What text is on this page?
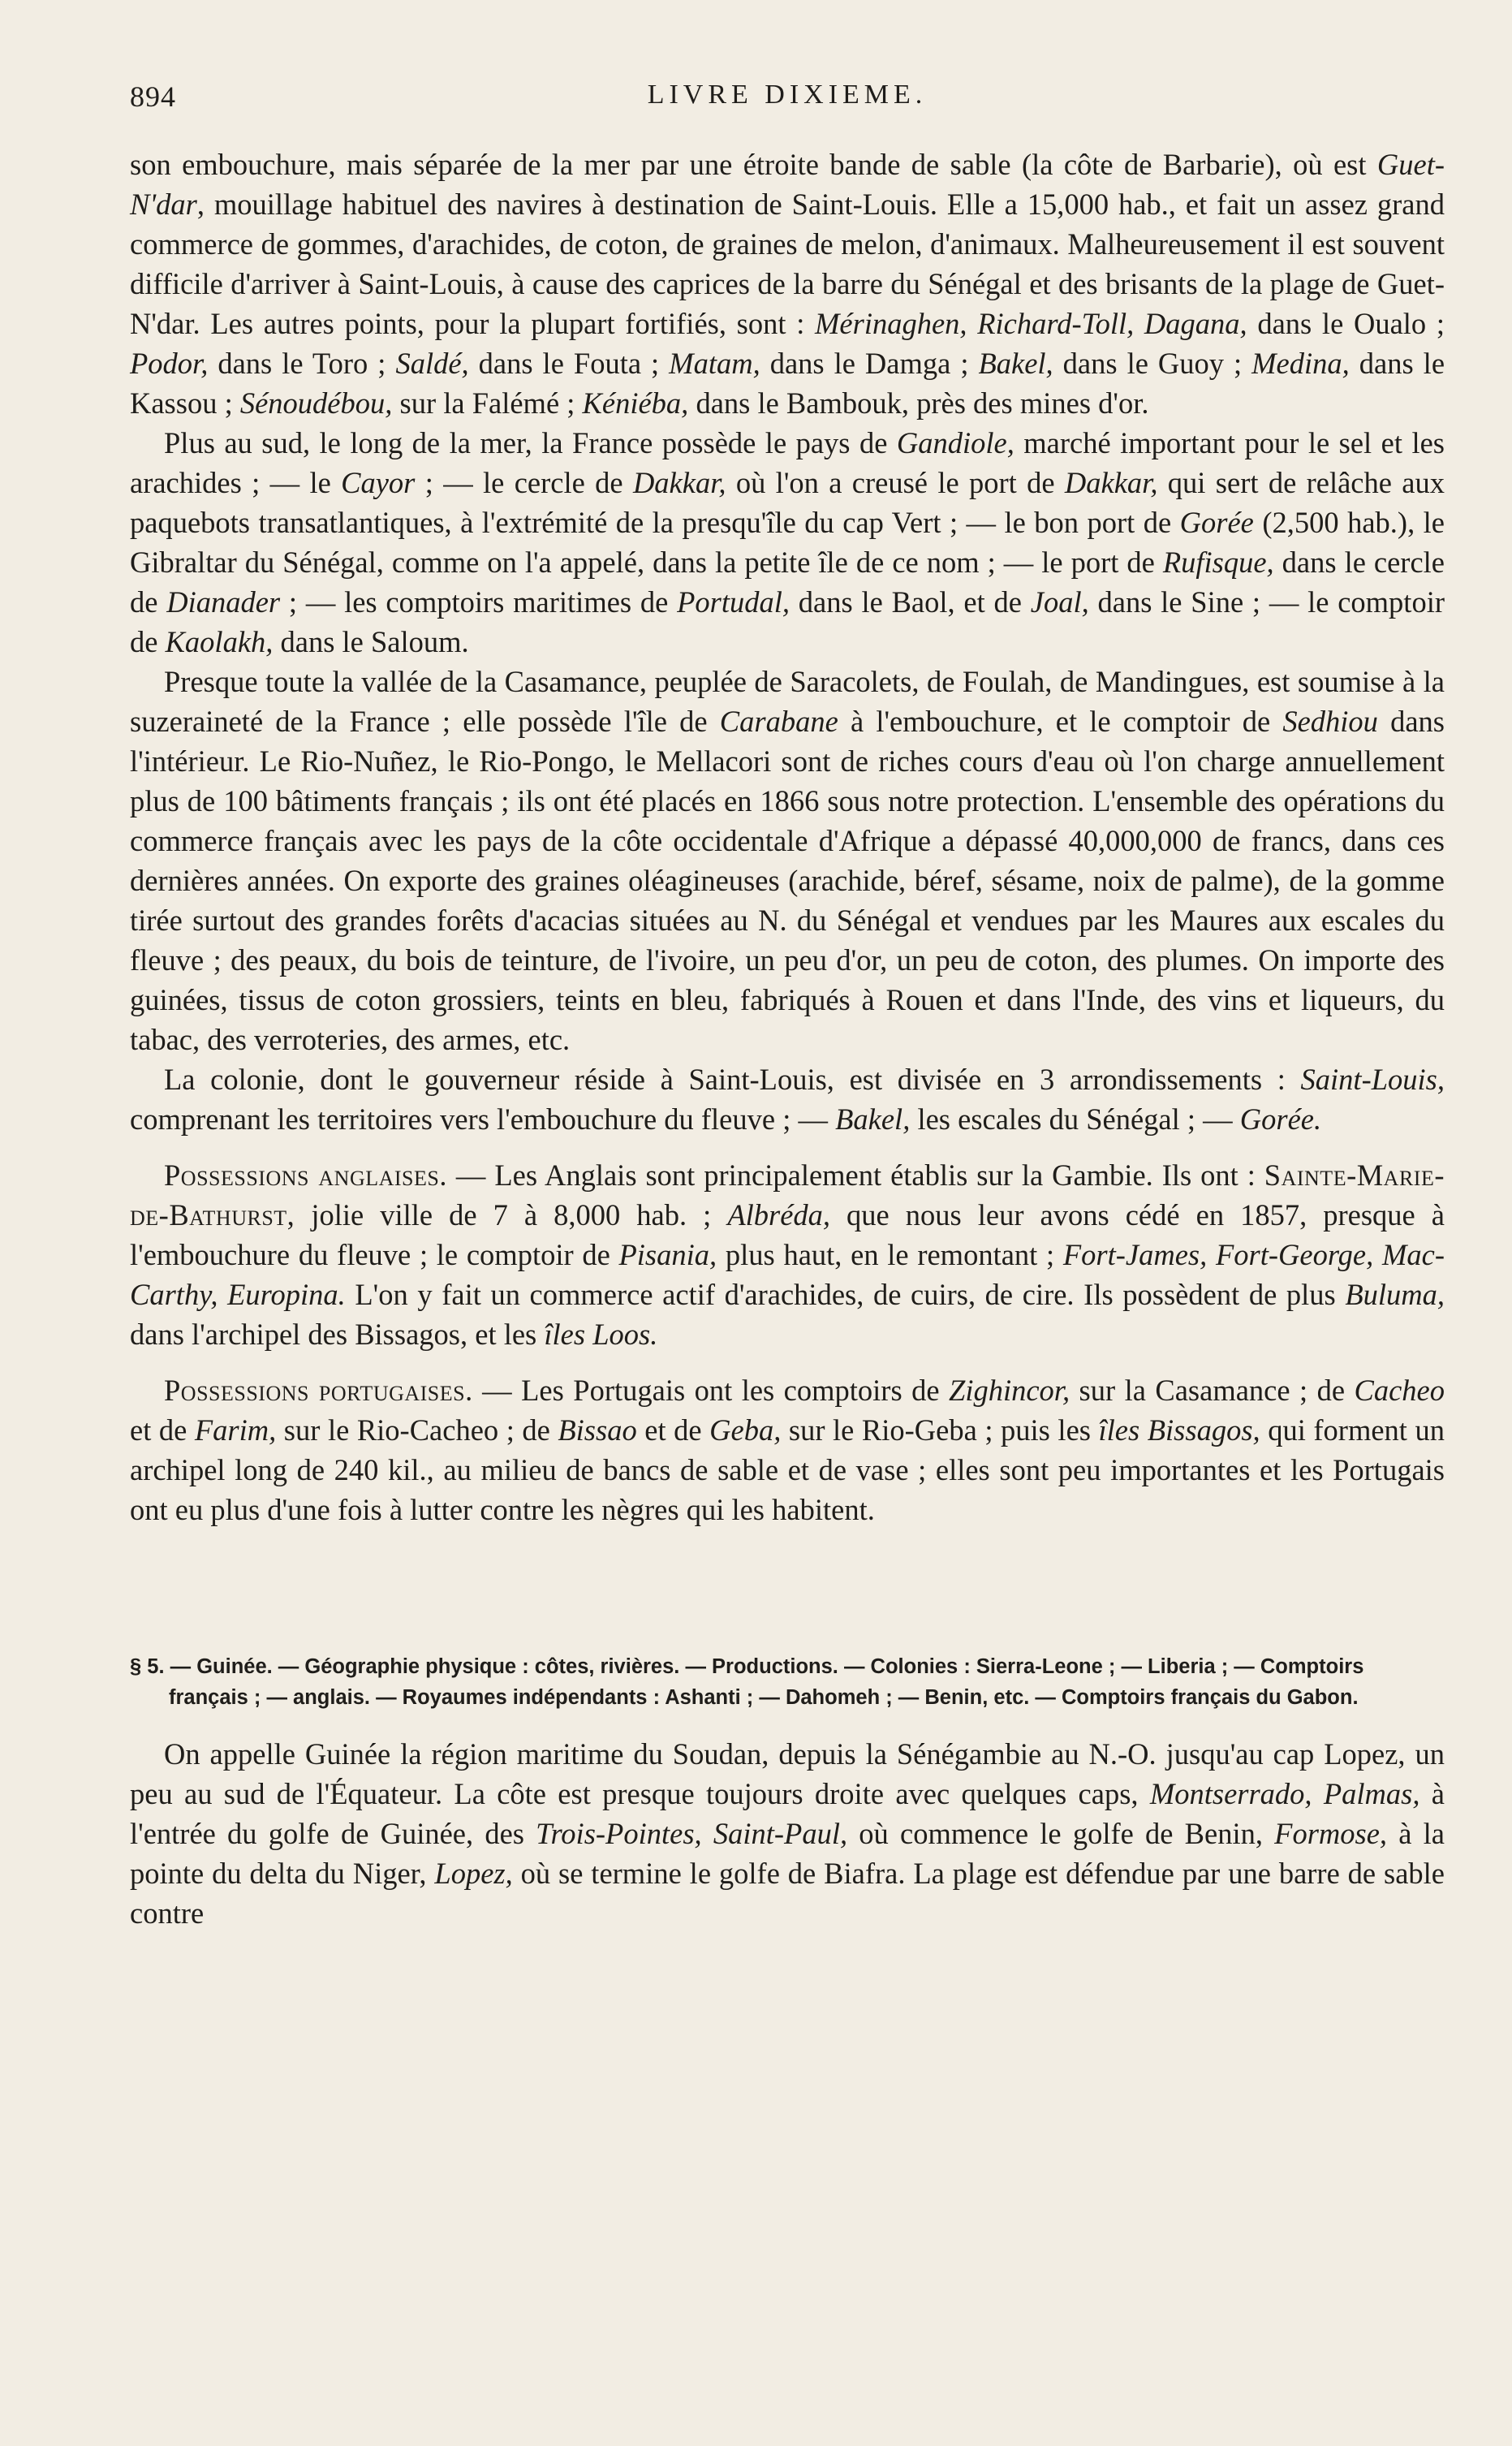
894	LIVRE DIXIEME.

son embouchure, mais séparée de la mer par une étroite bande de sable (la côte de Barbarie), où est Guet-N'dar, mouillage habituel des navires à destination de Saint-Louis. Elle a 15,000 hab., et fait un assez grand commerce de gommes, d'arachides, de coton, de graines de melon, d'animaux. Malheureusement il est souvent difficile d'arriver à Saint-Louis, à cause des caprices de la barre du Sénégal et des brisants de la plage de Guet-N'dar. Les autres points, pour la plupart fortifiés, sont : Mérinaghen, Richard-Toll, Dagana, dans le Oualo ; Podor, dans le Toro ; Saldé, dans le Fouta ; Matam, dans le Damga ; Bakel, dans le Guoy ; Medina, dans le Kassou ; Sénoudébou, sur la Falémé ; Kéniéba, dans le Bambouk, près des mines d'or.

Plus au sud, le long de la mer, la France possède le pays de Gandiole, marché important pour le sel et les arachides ; — le Cayor ; — le cercle de Dakkar, où l'on a creusé le port de Dakkar, qui sert de relâche aux paquebots transatlantiques, à l'extrémité de la presqu'île du cap Vert ; — le bon port de Gorée (2,500 hab.), le Gibraltar du Sénégal, comme on l'a appelé, dans la petite île de ce nom ; — le port de Rufisque, dans le cercle de Dianader ; — les comptoirs maritimes de Portudal, dans le Baol, et de Joal, dans le Sine ; — le comptoir de Kaolakh, dans le Saloum.

Presque toute la vallée de la Casamance, peuplée de Saracolets, de Foulah, de Mandingues, est soumise à la suzeraineté de la France ; elle possède l'île de Carabane à l'embouchure, et le comptoir de Sedhiou dans l'intérieur. Le Rio-Nuñez, le Rio-Pongo, le Mellacori sont de riches cours d'eau où l'on charge annuellement plus de 100 bâtiments français ; ils ont été placés en 1866 sous notre protection. L'ensemble des opérations du commerce français avec les pays de la côte occidentale d'Afrique a dépassé 40,000,000 de francs, dans ces dernières années. On exporte des graines oléagineuses (arachide, béref, sésame, noix de palme), de la gomme tirée surtout des grandes forêts d'acacias situées au N. du Sénégal et vendues par les Maures aux escales du fleuve ; des peaux, du bois de teinture, de l'ivoire, un peu d'or, un peu de coton, des plumes. On importe des guinées, tissus de coton grossiers, teints en bleu, fabriqués à Rouen et dans l'Inde, des vins et liqueurs, du tabac, des verroteries, des armes, etc.

La colonie, dont le gouverneur réside à Saint-Louis, est divisée en 3 arrondissements : Saint-Louis, comprenant les territoires vers l'embouchure du fleuve ; — Bakel, les escales du Sénégal ; — Gorée.

Possessions anglaises. — Les Anglais sont principalement établis sur la Gambie. Ils ont : Sainte-Marie-de-Bathurst, jolie ville de 7 à 8,000 hab. ; Albréda, que nous leur avons cédé en 1857, presque à l'embouchure du fleuve ; le comptoir de Pisania, plus haut, en le remontant ; Fort-James, Fort-George, Mac-Carthy, Europina. L'on y fait un commerce actif d'arachides, de cuirs, de cire. Ils possèdent de plus Buluma, dans l'archipel des Bissagos, et les îles Loos.

Possessions portugaises. — Les Portugais ont les comptoirs de Zighincor, sur la Casamance ; de Cacheo et de Farim, sur le Rio-Cacheo ; de Bissao et de Geba, sur le Rio-Geba ; puis les îles Bissagos, qui forment un archipel long de 240 kil., au milieu de bancs de sable et de vase ; elles sont peu importantes et les Portugais ont eu plus d'une fois à lutter contre les nègres qui les habitent.

§ 5. — Guinée. — Géographie physique : côtes, rivières. — Productions. — Colonies : Sierra-Leone ; — Liberia ; — Comptoirs français ; — anglais. — Royaumes indépendants : Ashanti ; — Dahomeh ; — Benin, etc. — Comptoirs français du Gabon.

On appelle Guinée la région maritime du Soudan, depuis la Sénégambie au N.-O. jusqu'au cap Lopez, un peu au sud de l'Équateur. La côte est presque toujours droite avec quelques caps, Montserrado, Palmas, à l'entrée du golfe de Guinée, des Trois-Pointes, Saint-Paul, où commence le golfe de Benin, Formose, à la pointe du delta du Niger, Lopez, où se termine le golfe de Biafra. La plage est défendue par une barre de sable contre
